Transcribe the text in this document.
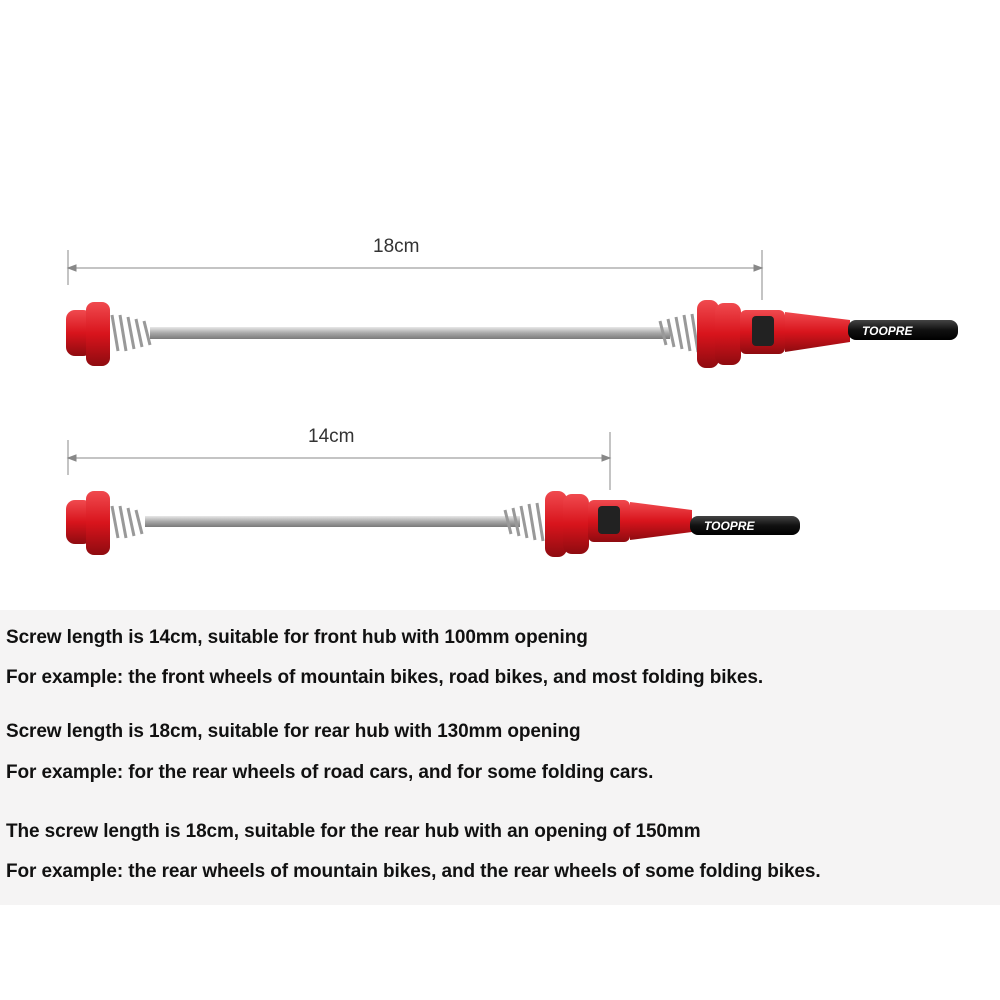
TOOPRE
TOOPRE
18cm
14cm
Screw length is 14cm, suitable for front hub with 100mm opening
For example: the front wheels of mountain bikes, road bikes, and most folding bikes.
Screw length is 18cm, suitable for rear hub with 130mm opening
For example: for the rear wheels of road cars, and for some folding cars.
The screw length is 18cm, suitable for the rear hub with an opening of 150mm
For example: the rear wheels of mountain bikes, and the rear wheels of some folding bikes.
